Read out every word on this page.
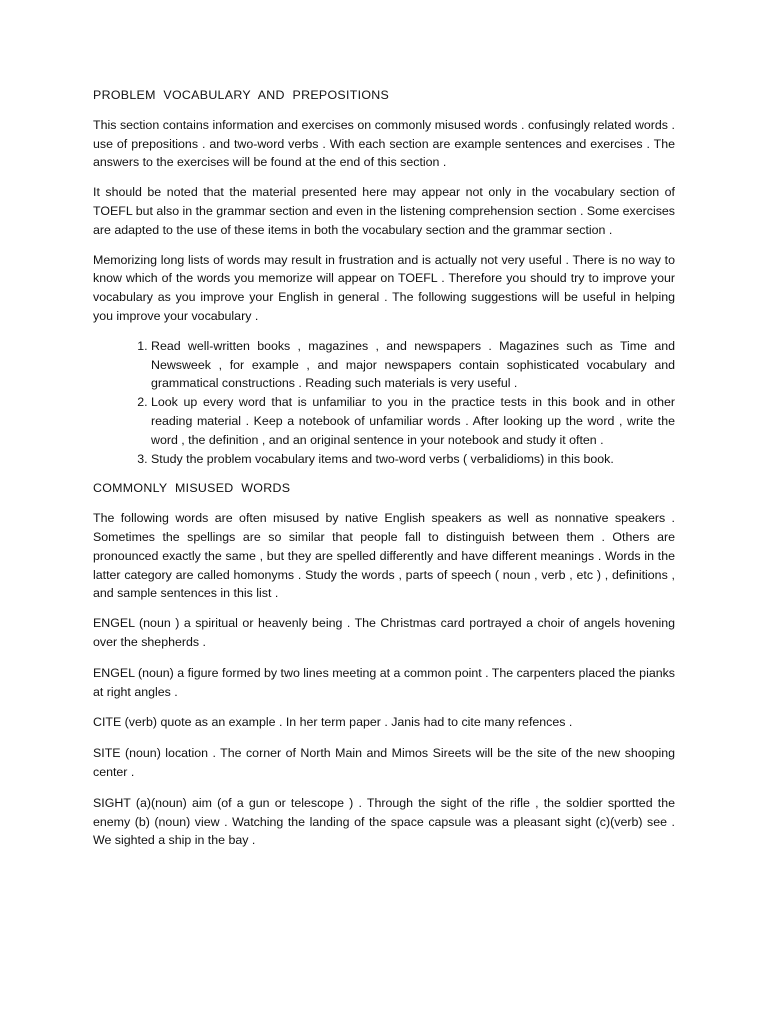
PROBLEM VOCABULARY AND PREPOSITIONS

This section contains information and exercises on commonly misused words . confusingly related words . use of prepositions . and two-word verbs . With each section are example sentences and exercises . The answers to the exercises will be found at the end of this section .

It should be noted that the material presented here may appear not only in the vocabulary section of TOEFL but also in the grammar section and even in the listening comprehension section . Some exercises are adapted to the use of these items in both the vocabulary section and the grammar section .

Memorizing long lists of words may result in frustration and is actually not very useful . There is no way to know which of the words you memorize will appear on TOEFL . Therefore you should try to improve your vocabulary as you improve your English in general . The following suggestions will be useful in helping you improve your vocabulary .

1. Read well-written books , magazines , and newspapers . Magazines such as Time and Newsweek , for example , and major newspapers contain sophisticated vocabulary and grammatical constructions . Reading such materials is very useful .
2. Look up every word that is unfamiliar to you in the practice tests in this book and in other reading material . Keep a notebook of unfamiliar words . After looking up the word , write the word , the definition , and an original sentence in your notebook and study it often .
3. Study the problem vocabulary items and two-word verbs ( verbalidioms) in this book.

COMMONLY MISUSED WORDS

The following words are often misused by native English speakers as well as nonnative speakers . Sometimes the spellings are so similar that people fall to distinguish between them . Others are pronounced exactly the same , but they are spelled differently and have different meanings . Words in the latter category are called homonyms . Study the words , parts of speech ( noun , verb , etc ) , definitions , and sample sentences in this list .

ENGEL (noun ) a spiritual or heavenly being . The Christmas card portrayed a choir of angels hovening over the shepherds .

ENGEL (noun) a figure formed by two lines meeting at a common point . The carpenters placed the pianks at right angles .

CITE (verb) quote as an example . In her term paper . Janis had to cite many refences .

SITE (noun) location . The corner of North Main and Mimos Sireets will be the site of the new shooping center .

SIGHT (a)(noun) aim (of a gun or telescope ) . Through the sight of the rifle , the soldier sportted the enemy (b) (noun) view . Watching the landing of the space capsule was a pleasant sight (c)(verb) see . We sighted a ship in the bay .
